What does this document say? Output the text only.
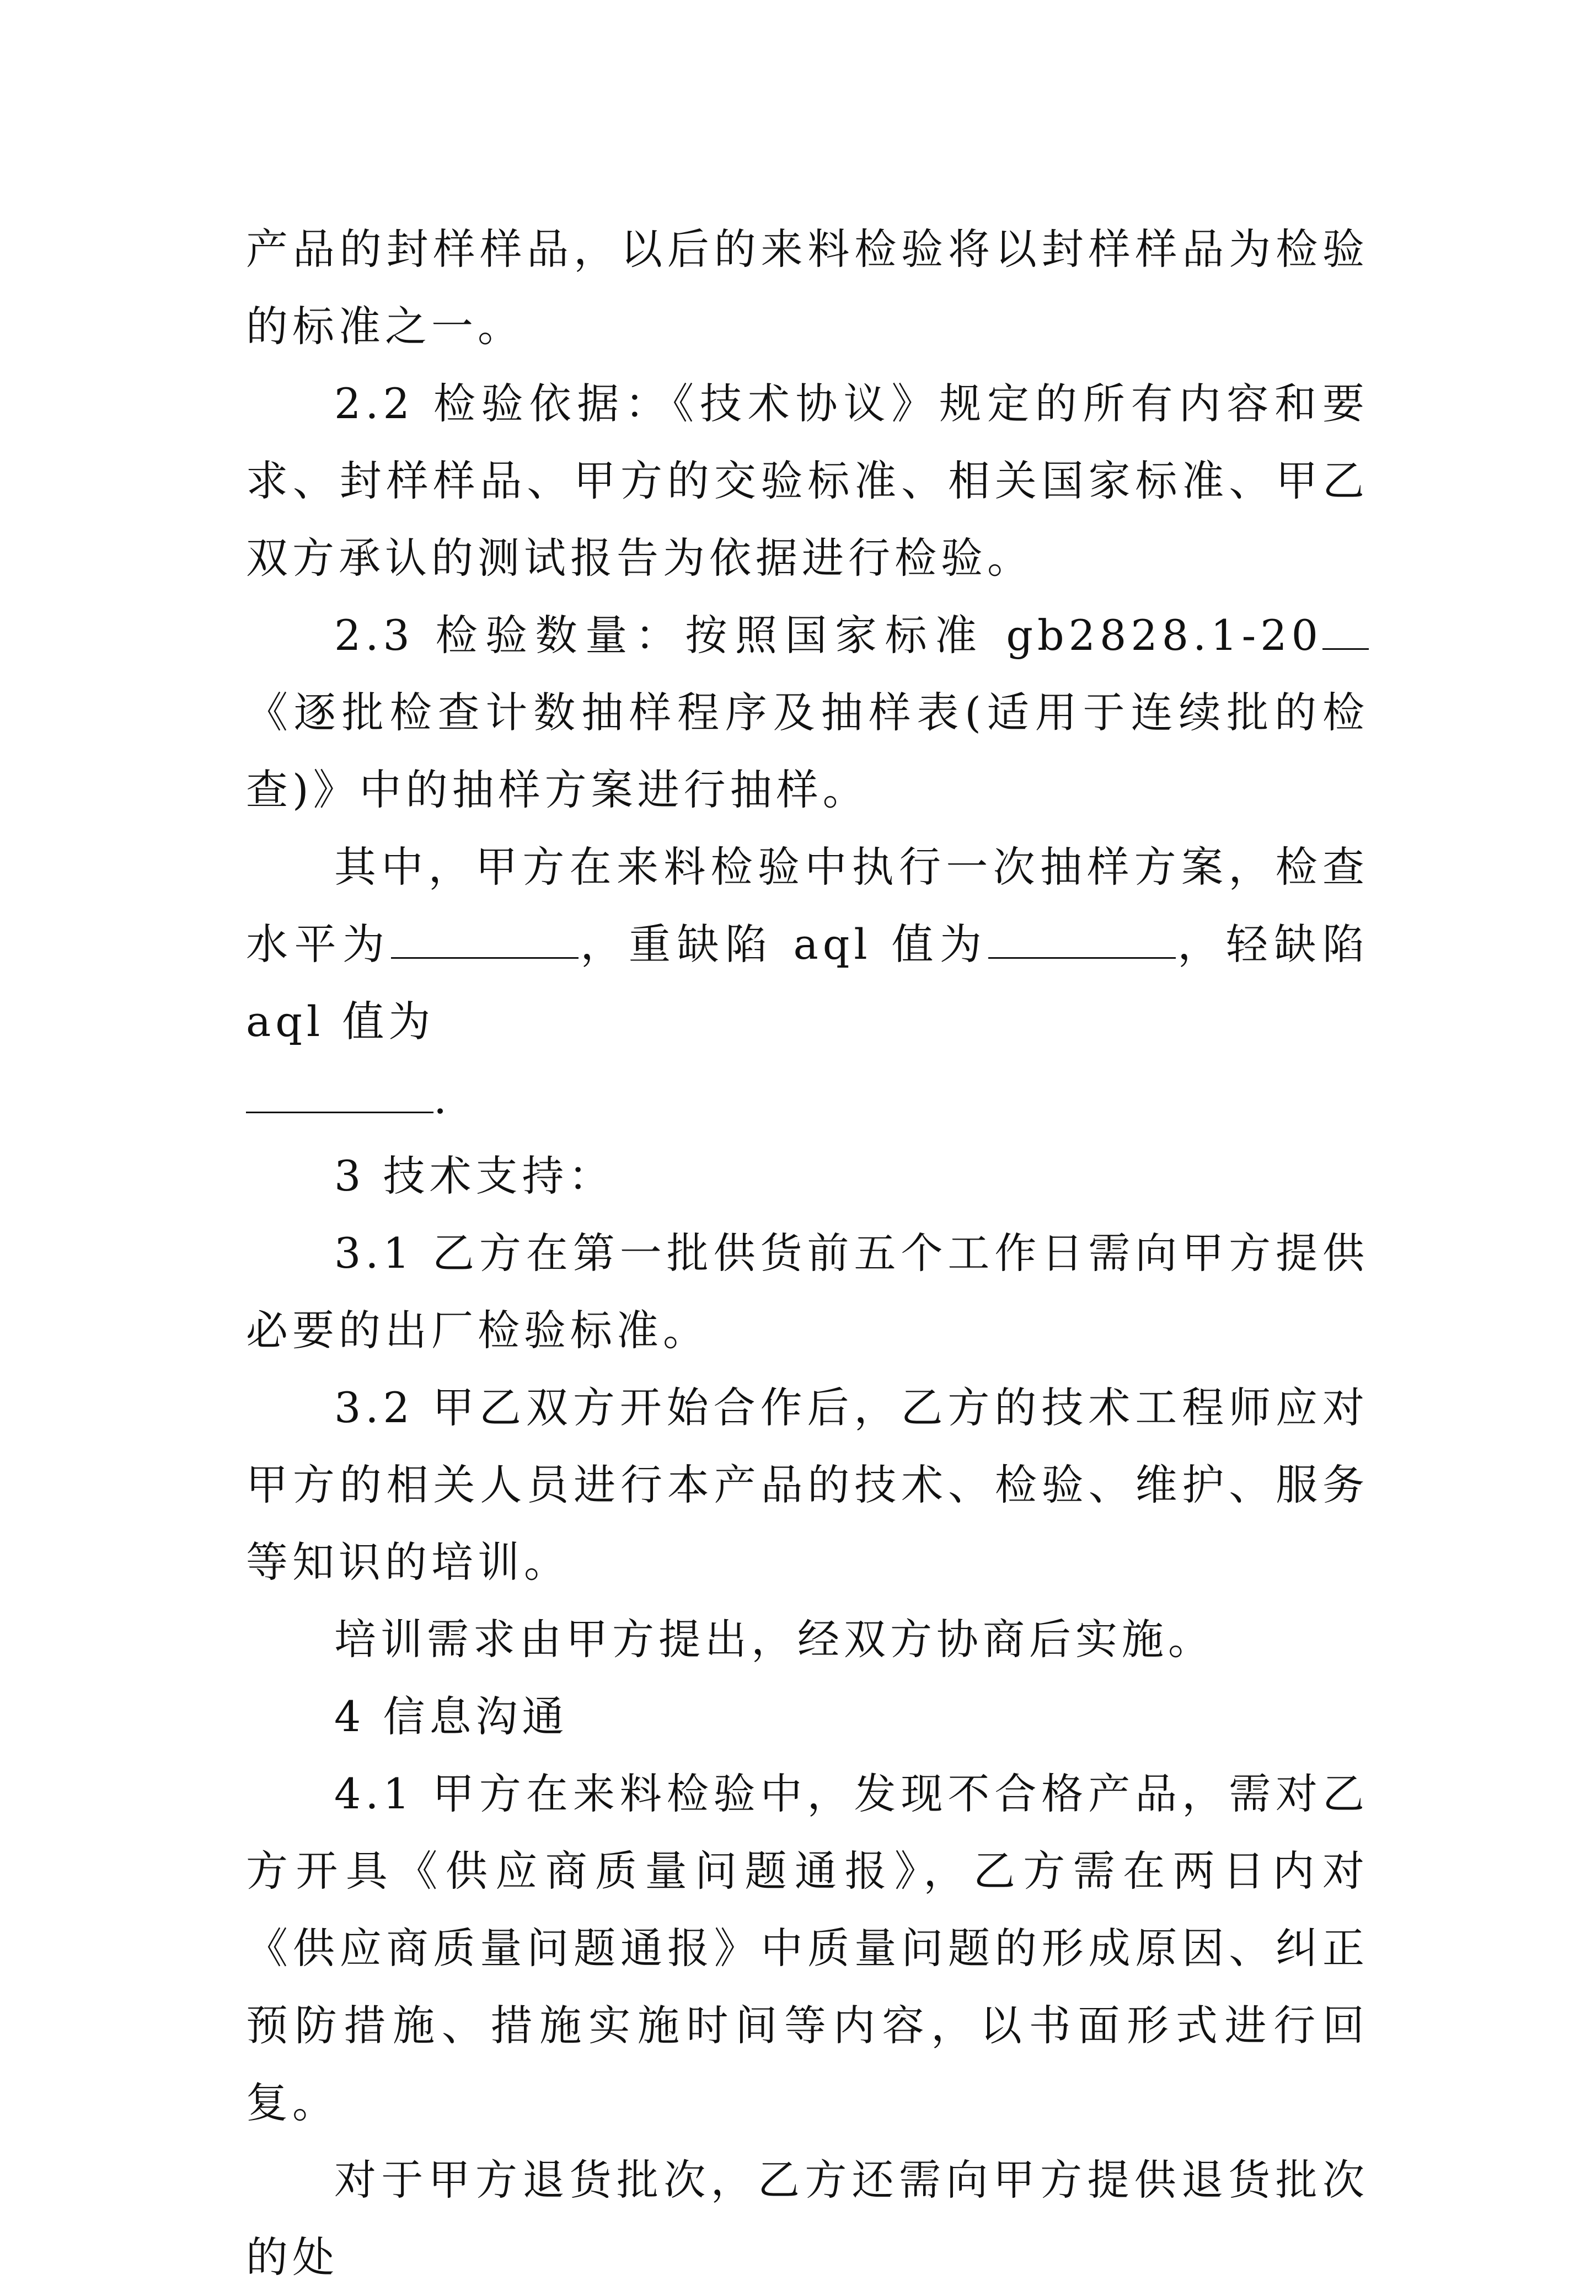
产品的封样样品，以后的来料检验将以封样样品为检验的标准之一。

2.2 检验依据：《技术协议》规定的所有内容和要求、封样样品、甲方的交验标准、相关国家标准、甲乙双方承认的测试报告为依据进行检验。

2.3 检验数量：按照国家标准 gb2828.1-20《逐批检查计数抽样程序及抽样表(适用于连续批的检查)》中的抽样方案进行抽样。

其中，甲方在来料检验中执行一次抽样方案，检查水平为	，重缺陷 aql 值为	，轻缺陷 aql 值为
.

3 技术支持：

3.1 乙方在第一批供货前五个工作日需向甲方提供必要的出厂检验标准。

3.2 甲乙双方开始合作后，乙方的技术工程师应对甲方的相关人员进行本产品的技术、检验、维护、服务等知识的培训。

培训需求由甲方提出，经双方协商后实施。

4 信息沟通

4.1 甲方在来料检验中，发现不合格产品，需对乙方开具《供应商质量问题通报》，乙方需在两日内对《供应商质量问题通报》中质量问题的形成原因、纠正预防措施、措施实施时间等内容，以书面形式进行回复。

对于甲方退货批次，乙方还需向甲方提供退货批次的处
